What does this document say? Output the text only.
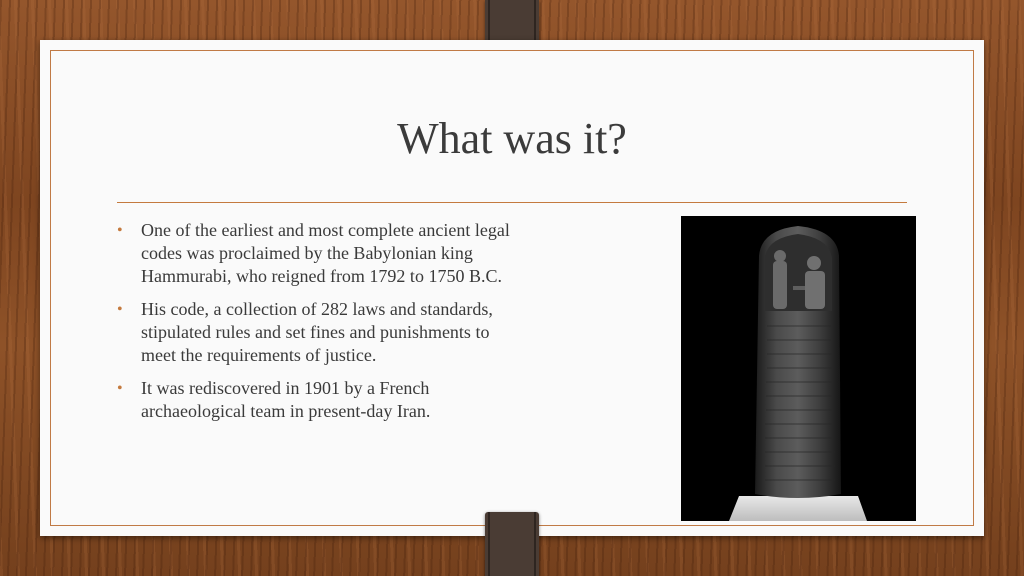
What was it?
• One of the earliest and most complete ancient legal codes was proclaimed by the Babylonian king Hammurabi, who reigned from 1792 to 1750 B.C.
• His code, a collection of 282 laws and standards, stipulated rules and set fines and punishments to meet the requirements of justice.
• It was rediscovered in 1901 by a French archaeological team in present-day Iran.
